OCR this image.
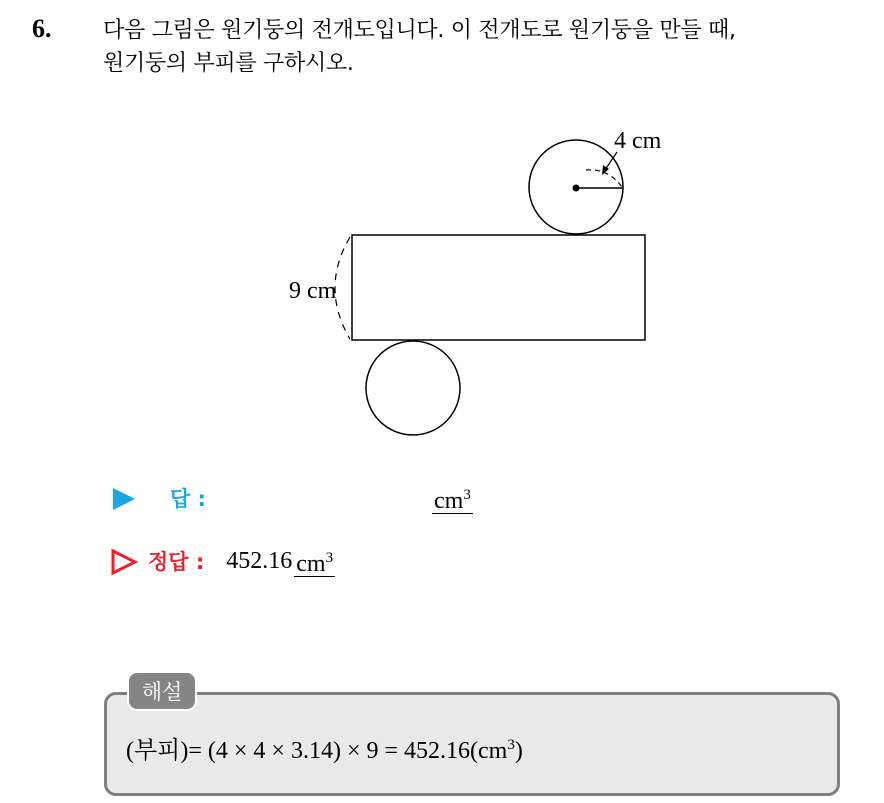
6. 다음 그림은 원기둥의 전개도입니다. 이 전개도로 원기둥을 만들 때,
원기둥의 부피를 구하시오.
4 cm
9 cm
답 :	$cm^3$
정답 : 452.16 $cm^3$
해설
(부피)= $(4 \times 4 \times 3.14) \times 9 = 452.16(cm^3)$
